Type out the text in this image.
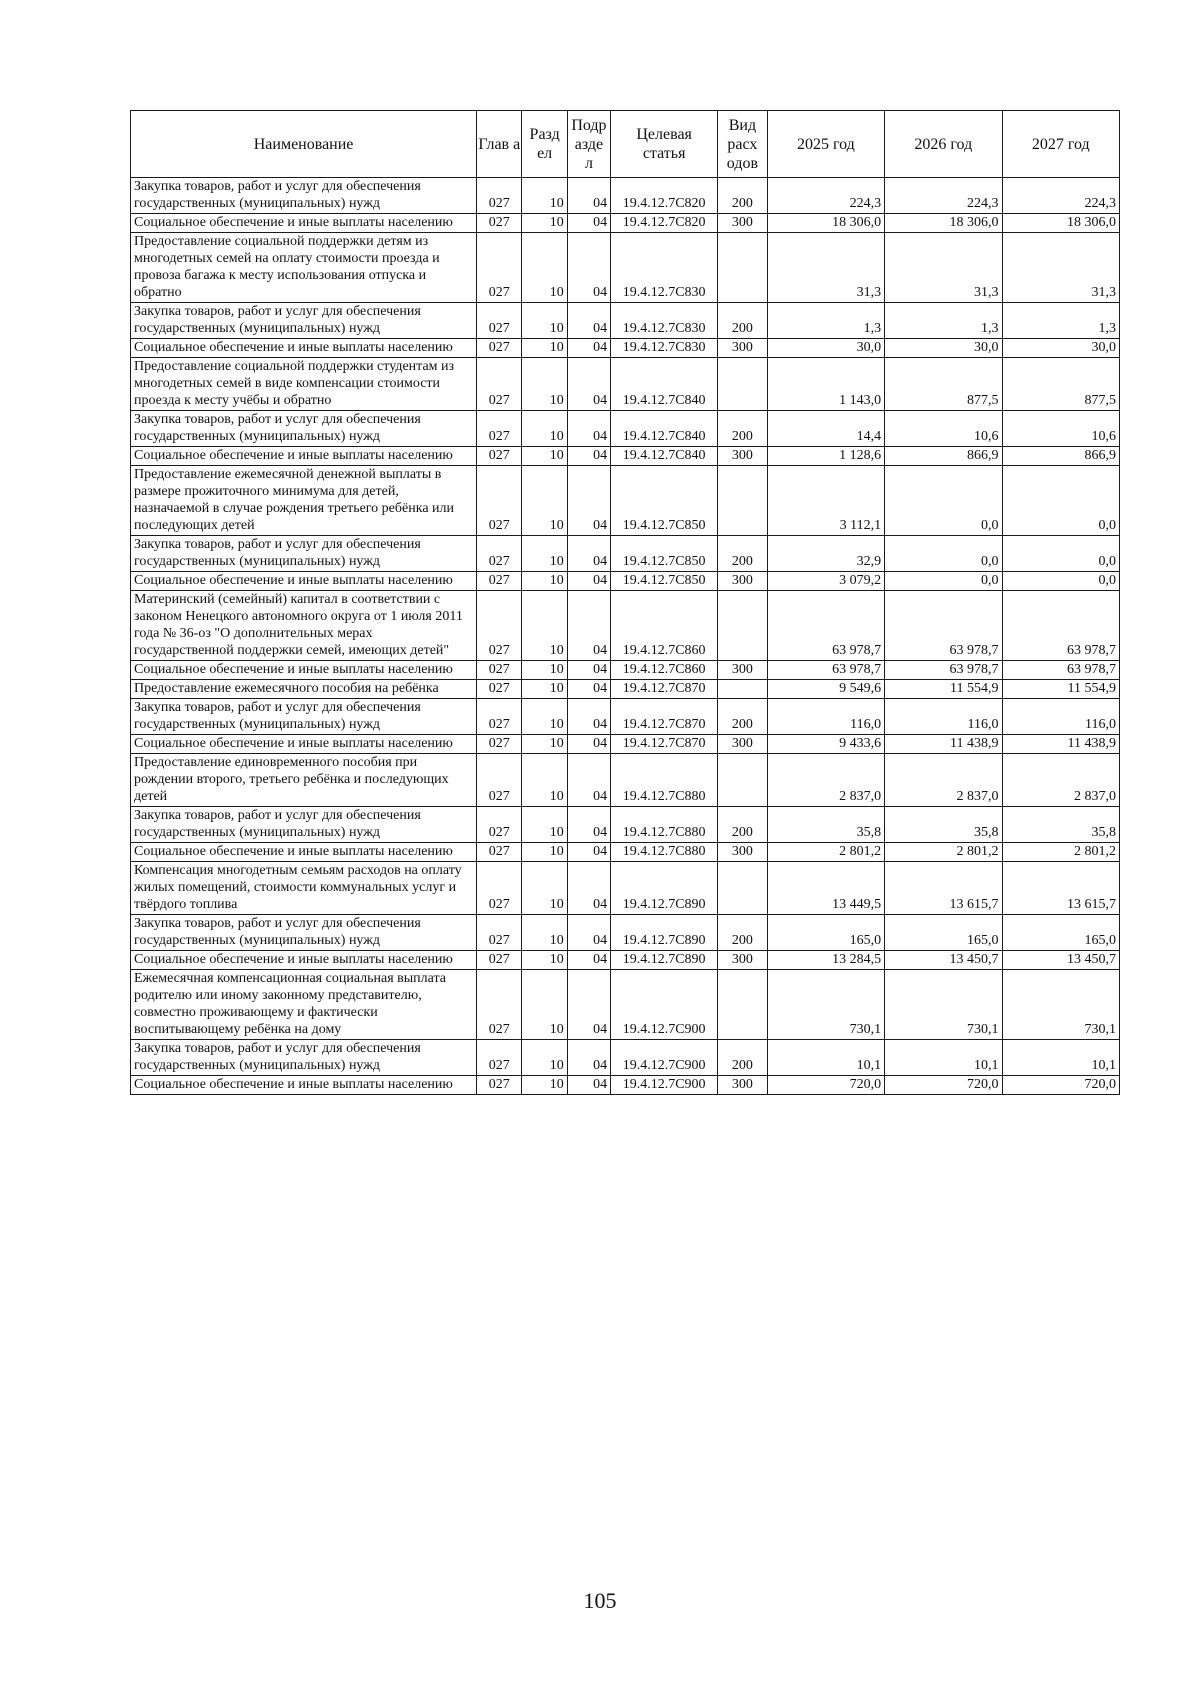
Наименование	Глав а	Разд ел	Подр азде л	Целевая статья	Вид расх одов	2025 год	2026 год	2027 год
Закупка товаров, работ и услуг для обеспечения государственных (муниципальных) нужд	027	10	04	19.4.12.7С820	200	224,3	224,3	224,3
Социальное обеспечение и иные выплаты населению	027	10	04	19.4.12.7С820	300	18 306,0	18 306,0	18 306,0
Предоставление социальной поддержки детям из многодетных семей на оплату стоимости проезда и провоза багажа к месту использования отпуска и обратно	027	10	04	19.4.12.7С830		31,3	31,3	31,3
Закупка товаров, работ и услуг для обеспечения государственных (муниципальных) нужд	027	10	04	19.4.12.7С830	200	1,3	1,3	1,3
Социальное обеспечение и иные выплаты населению	027	10	04	19.4.12.7С830	300	30,0	30,0	30,0
Предоставление социальной поддержки студентам из многодетных семей в виде компенсации стоимости проезда к месту учёбы и обратно	027	10	04	19.4.12.7С840		1 143,0	877,5	877,5
Закупка товаров, работ и услуг для обеспечения государственных (муниципальных) нужд	027	10	04	19.4.12.7С840	200	14,4	10,6	10,6
Социальное обеспечение и иные выплаты населению	027	10	04	19.4.12.7С840	300	1 128,6	866,9	866,9
Предоставление ежемесячной денежной выплаты в размере прожиточного минимума для детей, назначаемой в случае рождения третьего ребёнка или последующих детей	027	10	04	19.4.12.7С850		3 112,1	0,0	0,0
Закупка товаров, работ и услуг для обеспечения государственных (муниципальных) нужд	027	10	04	19.4.12.7С850	200	32,9	0,0	0,0
Социальное обеспечение и иные выплаты населению	027	10	04	19.4.12.7С850	300	3 079,2	0,0	0,0
Материнский (семейный) капитал в соответствии с законом Ненецкого автономного округа от 1 июля 2011 года № 36-оз "О дополнительных мерах государственной поддержки семей, имеющих детей"	027	10	04	19.4.12.7С860		63 978,7	63 978,7	63 978,7
Социальное обеспечение и иные выплаты населению	027	10	04	19.4.12.7С860	300	63 978,7	63 978,7	63 978,7
Предоставление ежемесячного пособия на ребёнка	027	10	04	19.4.12.7С870		9 549,6	11 554,9	11 554,9
Закупка товаров, работ и услуг для обеспечения государственных (муниципальных) нужд	027	10	04	19.4.12.7С870	200	116,0	116,0	116,0
Социальное обеспечение и иные выплаты населению	027	10	04	19.4.12.7С870	300	9 433,6	11 438,9	11 438,9
Предоставление единовременного пособия при рождении второго, третьего ребёнка и последующих детей	027	10	04	19.4.12.7С880		2 837,0	2 837,0	2 837,0
Закупка товаров, работ и услуг для обеспечения государственных (муниципальных) нужд	027	10	04	19.4.12.7С880	200	35,8	35,8	35,8
Социальное обеспечение и иные выплаты населению	027	10	04	19.4.12.7С880	300	2 801,2	2 801,2	2 801,2
Компенсация многодетным семьям расходов на оплату жилых помещений, стоимости коммунальных услуг и твёрдого топлива	027	10	04	19.4.12.7С890		13 449,5	13 615,7	13 615,7
Закупка товаров, работ и услуг для обеспечения государственных (муниципальных) нужд	027	10	04	19.4.12.7С890	200	165,0	165,0	165,0
Социальное обеспечение и иные выплаты населению	027	10	04	19.4.12.7С890	300	13 284,5	13 450,7	13 450,7
Ежемесячная компенсационная социальная выплата родителю или иному законному представителю, совместно проживающему и фактически воспитывающему ребёнка на дому	027	10	04	19.4.12.7С900		730,1	730,1	730,1
Закупка товаров, работ и услуг для обеспечения государственных (муниципальных) нужд	027	10	04	19.4.12.7С900	200	10,1	10,1	10,1
Социальное обеспечение и иные выплаты населению	027	10	04	19.4.12.7С900	300	720,0	720,0	720,0
105
